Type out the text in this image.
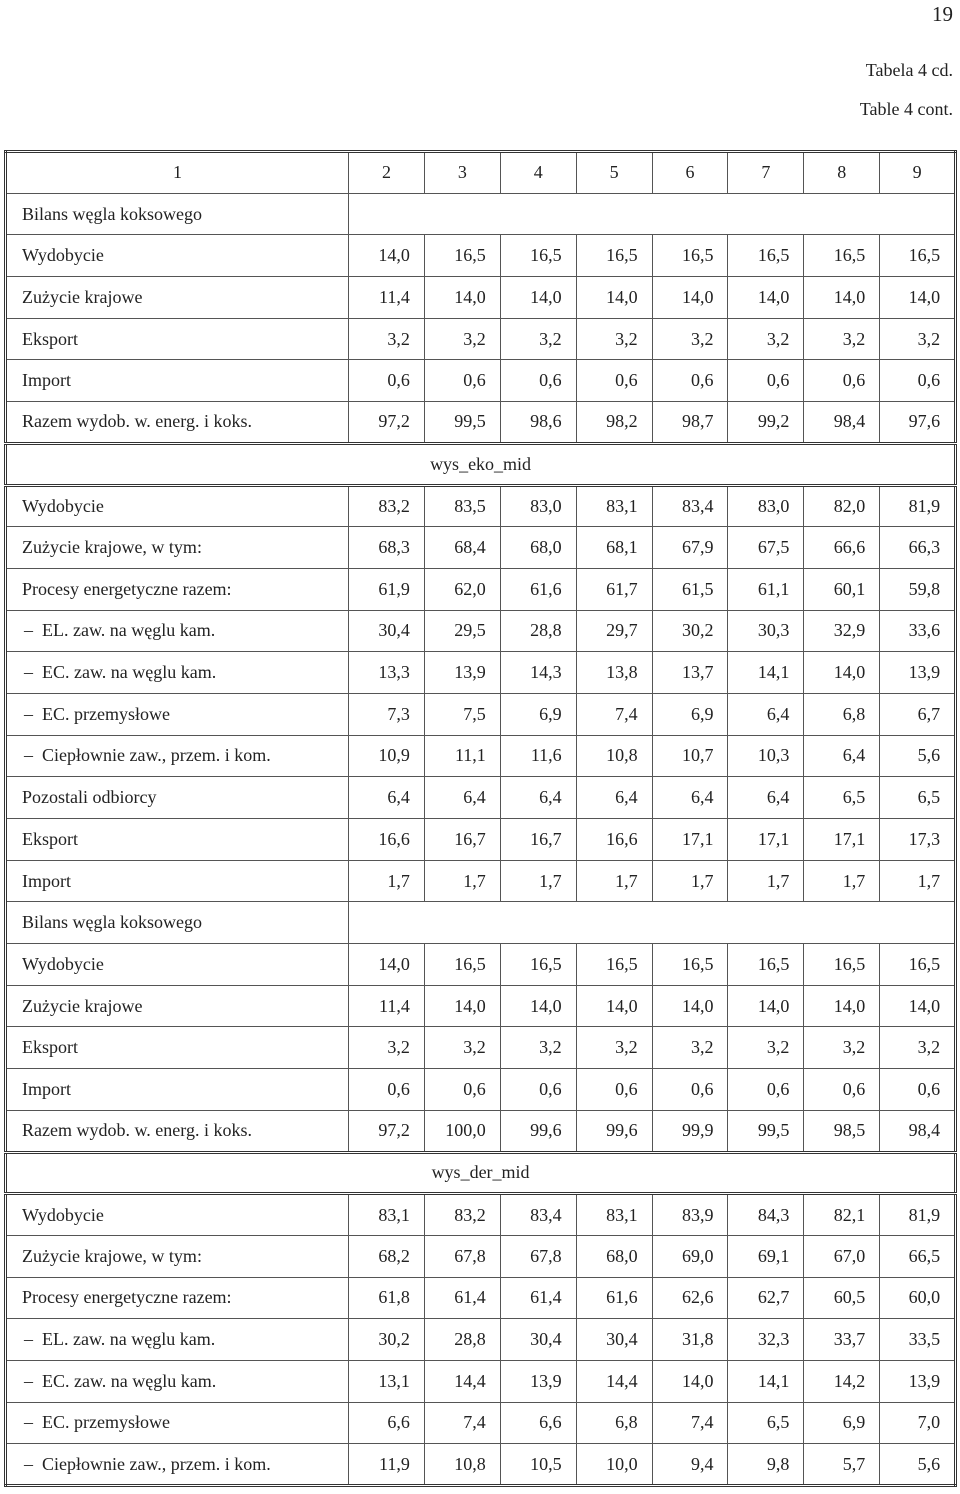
19
Tabela 4 cd.
Table 4 cont.
1	2	3	4	5	6	7	8	9
Bilans węgla koksowego								
Wydobycie	14,0	16,5	16,5	16,5	16,5	16,5	16,5	16,5
Zużycie krajowe	11,4	14,0	14,0	14,0	14,0	14,0	14,0	14,0
Eksport	3,2	3,2	3,2	3,2	3,2	3,2	3,2	3,2
Import	0,6	0,6	0,6	0,6	0,6	0,6	0,6	0,6
Razem wydob. w. energ. i koks.	97,2	99,5	98,6	98,2	98,7	99,2	98,4	97,6
wys_eko_mid								
Wydobycie	83,2	83,5	83,0	83,1	83,4	83,0	82,0	81,9
Zużycie krajowe, w tym:	68,3	68,4	68,0	68,1	67,9	67,5	66,6	66,3
Procesy energetyczne razem:	61,9	62,0	61,6	61,7	61,5	61,1	60,1	59,8
– EL. zaw. na węglu kam.	30,4	29,5	28,8	29,7	30,2	30,3	32,9	33,6
– EC. zaw. na węglu kam.	13,3	13,9	14,3	13,8	13,7	14,1	14,0	13,9
– EC. przemysłowe	7,3	7,5	6,9	7,4	6,9	6,4	6,8	6,7
– Ciepłownie zaw., przem. i kom.	10,9	11,1	11,6	10,8	10,7	10,3	6,4	5,6
Pozostali odbiorcy	6,4	6,4	6,4	6,4	6,4	6,4	6,5	6,5
Eksport	16,6	16,7	16,7	16,6	17,1	17,1	17,1	17,3
Import	1,7	1,7	1,7	1,7	1,7	1,7	1,7	1,7
Bilans węgla koksowego								
Wydobycie	14,0	16,5	16,5	16,5	16,5	16,5	16,5	16,5
Zużycie krajowe	11,4	14,0	14,0	14,0	14,0	14,0	14,0	14,0
Eksport	3,2	3,2	3,2	3,2	3,2	3,2	3,2	3,2
Import	0,6	0,6	0,6	0,6	0,6	0,6	0,6	0,6
Razem wydob. w. energ. i koks.	97,2	100,0	99,6	99,6	99,9	99,5	98,5	98,4
wys_der_mid								
Wydobycie	83,1	83,2	83,4	83,1	83,9	84,3	82,1	81,9
Zużycie krajowe, w tym:	68,2	67,8	67,8	68,0	69,0	69,1	67,0	66,5
Procesy energetyczne razem:	61,8	61,4	61,4	61,6	62,6	62,7	60,5	60,0
– EL. zaw. na węglu kam.	30,2	28,8	30,4	30,4	31,8	32,3	33,7	33,5
– EC. zaw. na węglu kam.	13,1	14,4	13,9	14,4	14,0	14,1	14,2	13,9
– EC. przemysłowe	6,6	7,4	6,6	6,8	7,4	6,5	6,9	7,0
– Ciepłownie zaw., przem. i kom.	11,9	10,8	10,5	10,0	9,4	9,8	5,7	5,6
